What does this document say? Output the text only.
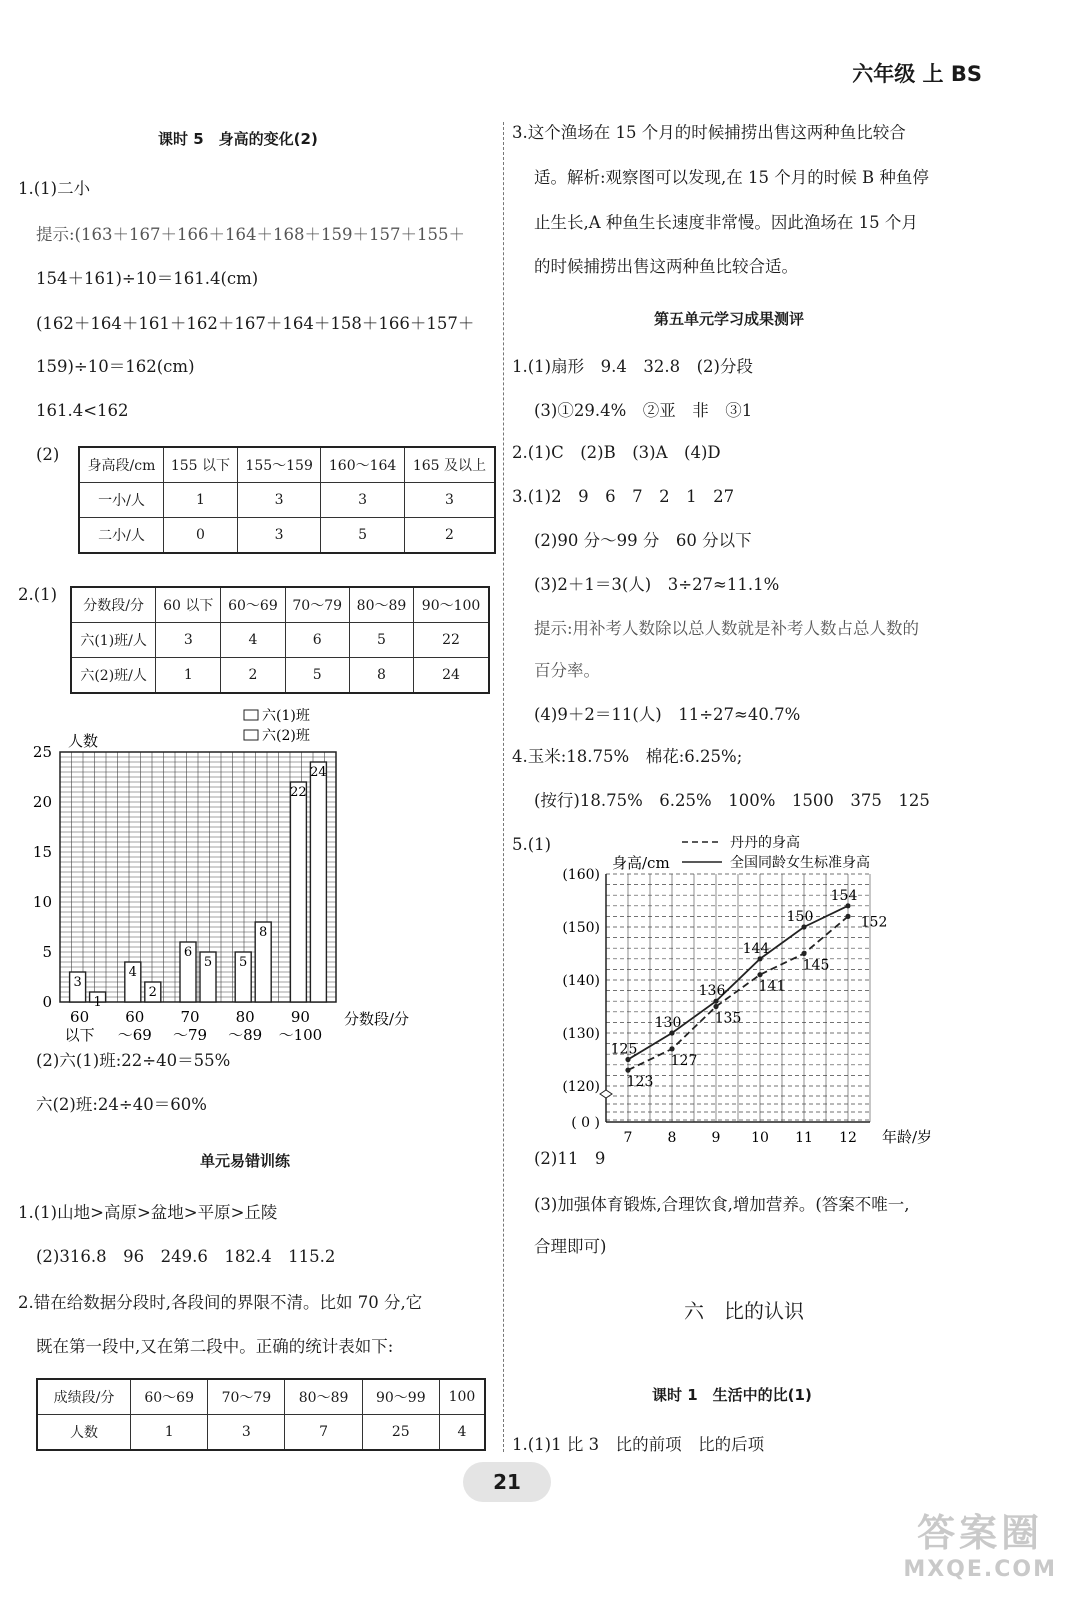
六年级 上 BS
课时 5　身高的变化(2)
1.(1)二小
提示:(163＋167＋166＋164＋168＋159＋157＋155＋
154＋161)÷10＝161.4(cm)
(162＋164＋161＋162＋167＋164＋158＋166＋157＋
159)÷10＝162(cm)
161.4<162
(2)
身高段/cm	155 以下	155～159	160～164	165 及以上
一小/人	1	3	3	3
二小/人	0	3	5	2
2.(1)
分数段/分	60 以下	60～69	70～79	80～89	90～100
六(1)班/人	3	4	6	5	22
六(2)班/人	1	2	5	8	24
六(1)班
六(2)班
人数
0
5
10
15
20
25
3
1
60
以下
4
2
60
～69
6
5
70
～79
5
8
80
～89
22
24
90
～100
分数段/分
(2)六(1)班:22÷40＝55%
六(2)班:24÷40＝60%
单元易错训练
1.(1)山地>高原>盆地>平原>丘陵
(2)316.8　96　249.6　182.4　115.2
2.错在给数据分段时,各段间的界限不清。比如 70 分,它
既在第一段中,又在第二段中。正确的统计表如下:
成绩段/分	60～69	70～79	80～89	90～99	100
人数	1	3	7	25	4
3.这个渔场在 15 个月的时候捕捞出售这两种鱼比较合
适。解析:观察图可以发现,在 15 个月的时候 B 种鱼停
止生长,A 种鱼生长速度非常慢。因此渔场在 15 个月
的时候捕捞出售这两种鱼比较合适。
第五单元学习成果测评
1.(1)扇形　9.4　32.8　(2)分段
(3)①29.4%　②亚　非　③1
2.(1)C　(2)B　(3)A　(4)D
3.(1)2　9　6　7　2　1　27
(2)90 分～99 分　60 分以下
(3)2＋1＝3(人)　3÷27≈11.1%
提示:用补考人数除以总人数就是补考人数占总人数的
百分率。
(4)9＋2＝11(人)　11÷27≈40.7%
4.玉米:18.75%　棉花:6.25%;
(按行)18.75%　6.25%　100%　1500　375　125
5.(1)	丹丹的身高
全国同龄女生标准身高
身高/cm
( 0 )
(120)
(130)
(140)
(150)
(160)
7	8	9 10 11 12 年龄/岁
123
127
135
141
145
152
125
130
136
144
150
154
(2)11　9
(3)加强体育锻炼,合理饮食,增加营养。(答案不唯一,
合理即可)
六　比的认识
课时 1　生活中的比(1)
1.(1)1 比 3　比的前项　比的后项
21
答案圈
MXQE.COM
